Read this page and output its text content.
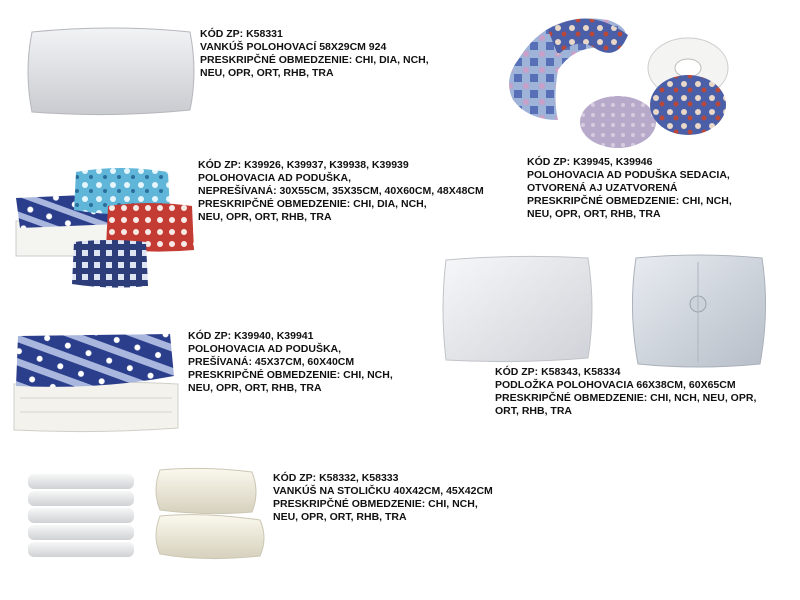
KÓD ZP: K58331
VANKÚŠ POLOHOVACÍ 58X29CM 924
PRESKRIPČNÉ OBMEDZENIE: CHI, DIA, NCH,
NEU, OPR, ORT, RHB, TRA
KÓD ZP: K39945, K39946
POLOHOVACIA AD PODUŠKA SEDACIA,
OTVORENÁ AJ UZATVORENÁ
PRESKRIPČNÉ OBMEDZENIE: CHI, NCH,
NEU, OPR, ORT, RHB, TRA
KÓD ZP: K39926, K39937, K39938, K39939
POLOHOVACIA AD PODUŠKA,
NEPREŠÍVANÁ: 30X55CM, 35X35CM, 40X60CM, 48X48CM
PRESKRIPČNÉ OBMEDZENIE: CHI, DIA, NCH,
NEU, OPR, ORT, RHB, TRA
KÓD ZP: K39940, K39941
POLOHOVACIA AD PODUŠKA,
PREŠÍVANÁ: 45X37CM, 60X40CM
PRESKRIPČNÉ OBMEDZENIE: CHI, NCH,
NEU, OPR, ORT, RHB, TRA
KÓD ZP: K58343, K58334
PODLOŽKA POLOHOVACIA 66X38CM, 60X65CM
PRESKRIPČNÉ OBMEDZENIE: CHI, NCH, NEU, OPR,
ORT, RHB, TRA
KÓD ZP: K58332, K58333
VANKÚŠ NA STOLIČKU 40X42CM, 45X42CM
PRESKRIPČNÉ OBMEDZENIE: CHI, NCH,
NEU, OPR, ORT, RHB, TRA
